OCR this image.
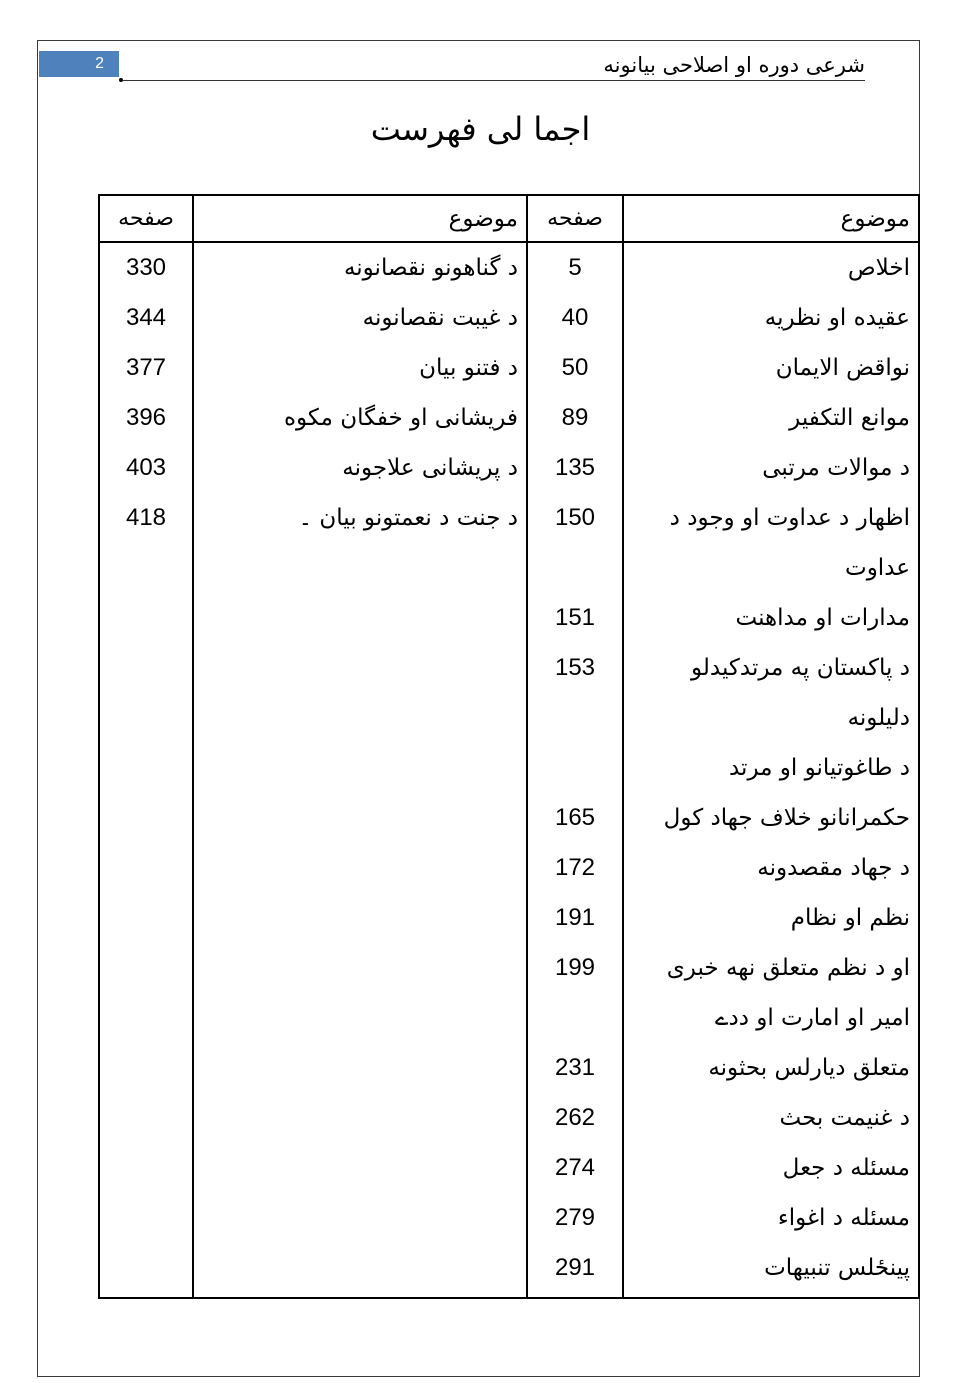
2	شرعی دوره او اصلاحی بیانونه
اجما لی فهرست
موضوع	صفحه	موضوع	صفحه
اخلاص	5	د گناهونو نقصانونه	330
عقیده او نظریه	40	د غیبت نقصانونه	344
نواقض الایمان	50	د فتنو بیان	377
موانع التکفیر	89	فریشانی او خفگان مکوه	396
د موالات مرتبی	135	د پریشانی علاجونه	403
اظهار د عداوت او وجود د	150	د جنت د نعمتونو بیان ۔	418
عداوت			
مدارات او مداهنت	151		
د پاکستان په مرتدکیدلو	153		
دلیلونه			
د طاغوتیانو او مرتد			
حکمرانانو خلاف جهاد کول	165		
د جهاد مقصدونه	172		
نظم او نظام	191		
او د نظم متعلق نهه خبری	199		
امیر او امارت او ددے			
متعلق دیارلس بحثونه	231		
د غنیمت بحث	262		
مسئله د جعل	274		
مسئله د اغواء	279		
پینځلس تنبیهات	291		
